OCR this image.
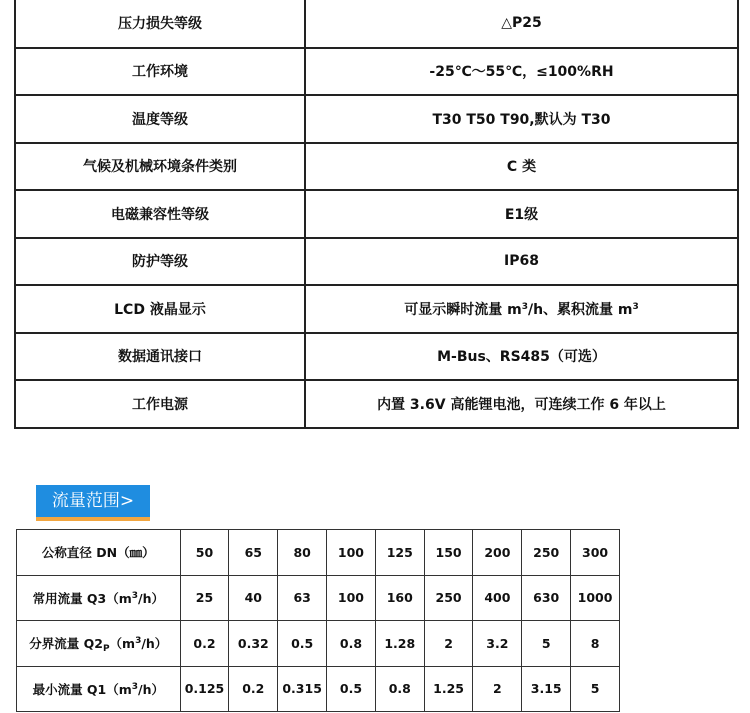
压力损失等级	△P25
工作环境	-25℃～55℃，≤100%RH
温度等级	T30 T50 T90,默认为 T30
气候及机械环境条件类别	C 类
电磁兼容性等级	E1级
防护等级	IP68
LCD 液晶显示	可显示瞬时流量 $m^3/h$、累积流量 $m^3$
数据通讯接口	M-Bus、RS485（可选）
工作电源	内置 3.6V 高能锂电池，可连续工作 6 年以上
流量范围>
公称直径 DN（㎜）	50	65	80	100	125	150	200	250	300
常用流量 $Q3(m^3/h)$	25	40	63	100	160	250	400	630	1000
分界流量 $Q2_P(m^3/h)$	0.2	0.32	0.5	0.8	1.28	2	3.2	5	8
最小流量 $Q1(m^3/h)$	0.125	0.2	0.315	0.5	0.8	1.25	2	3.15	5
